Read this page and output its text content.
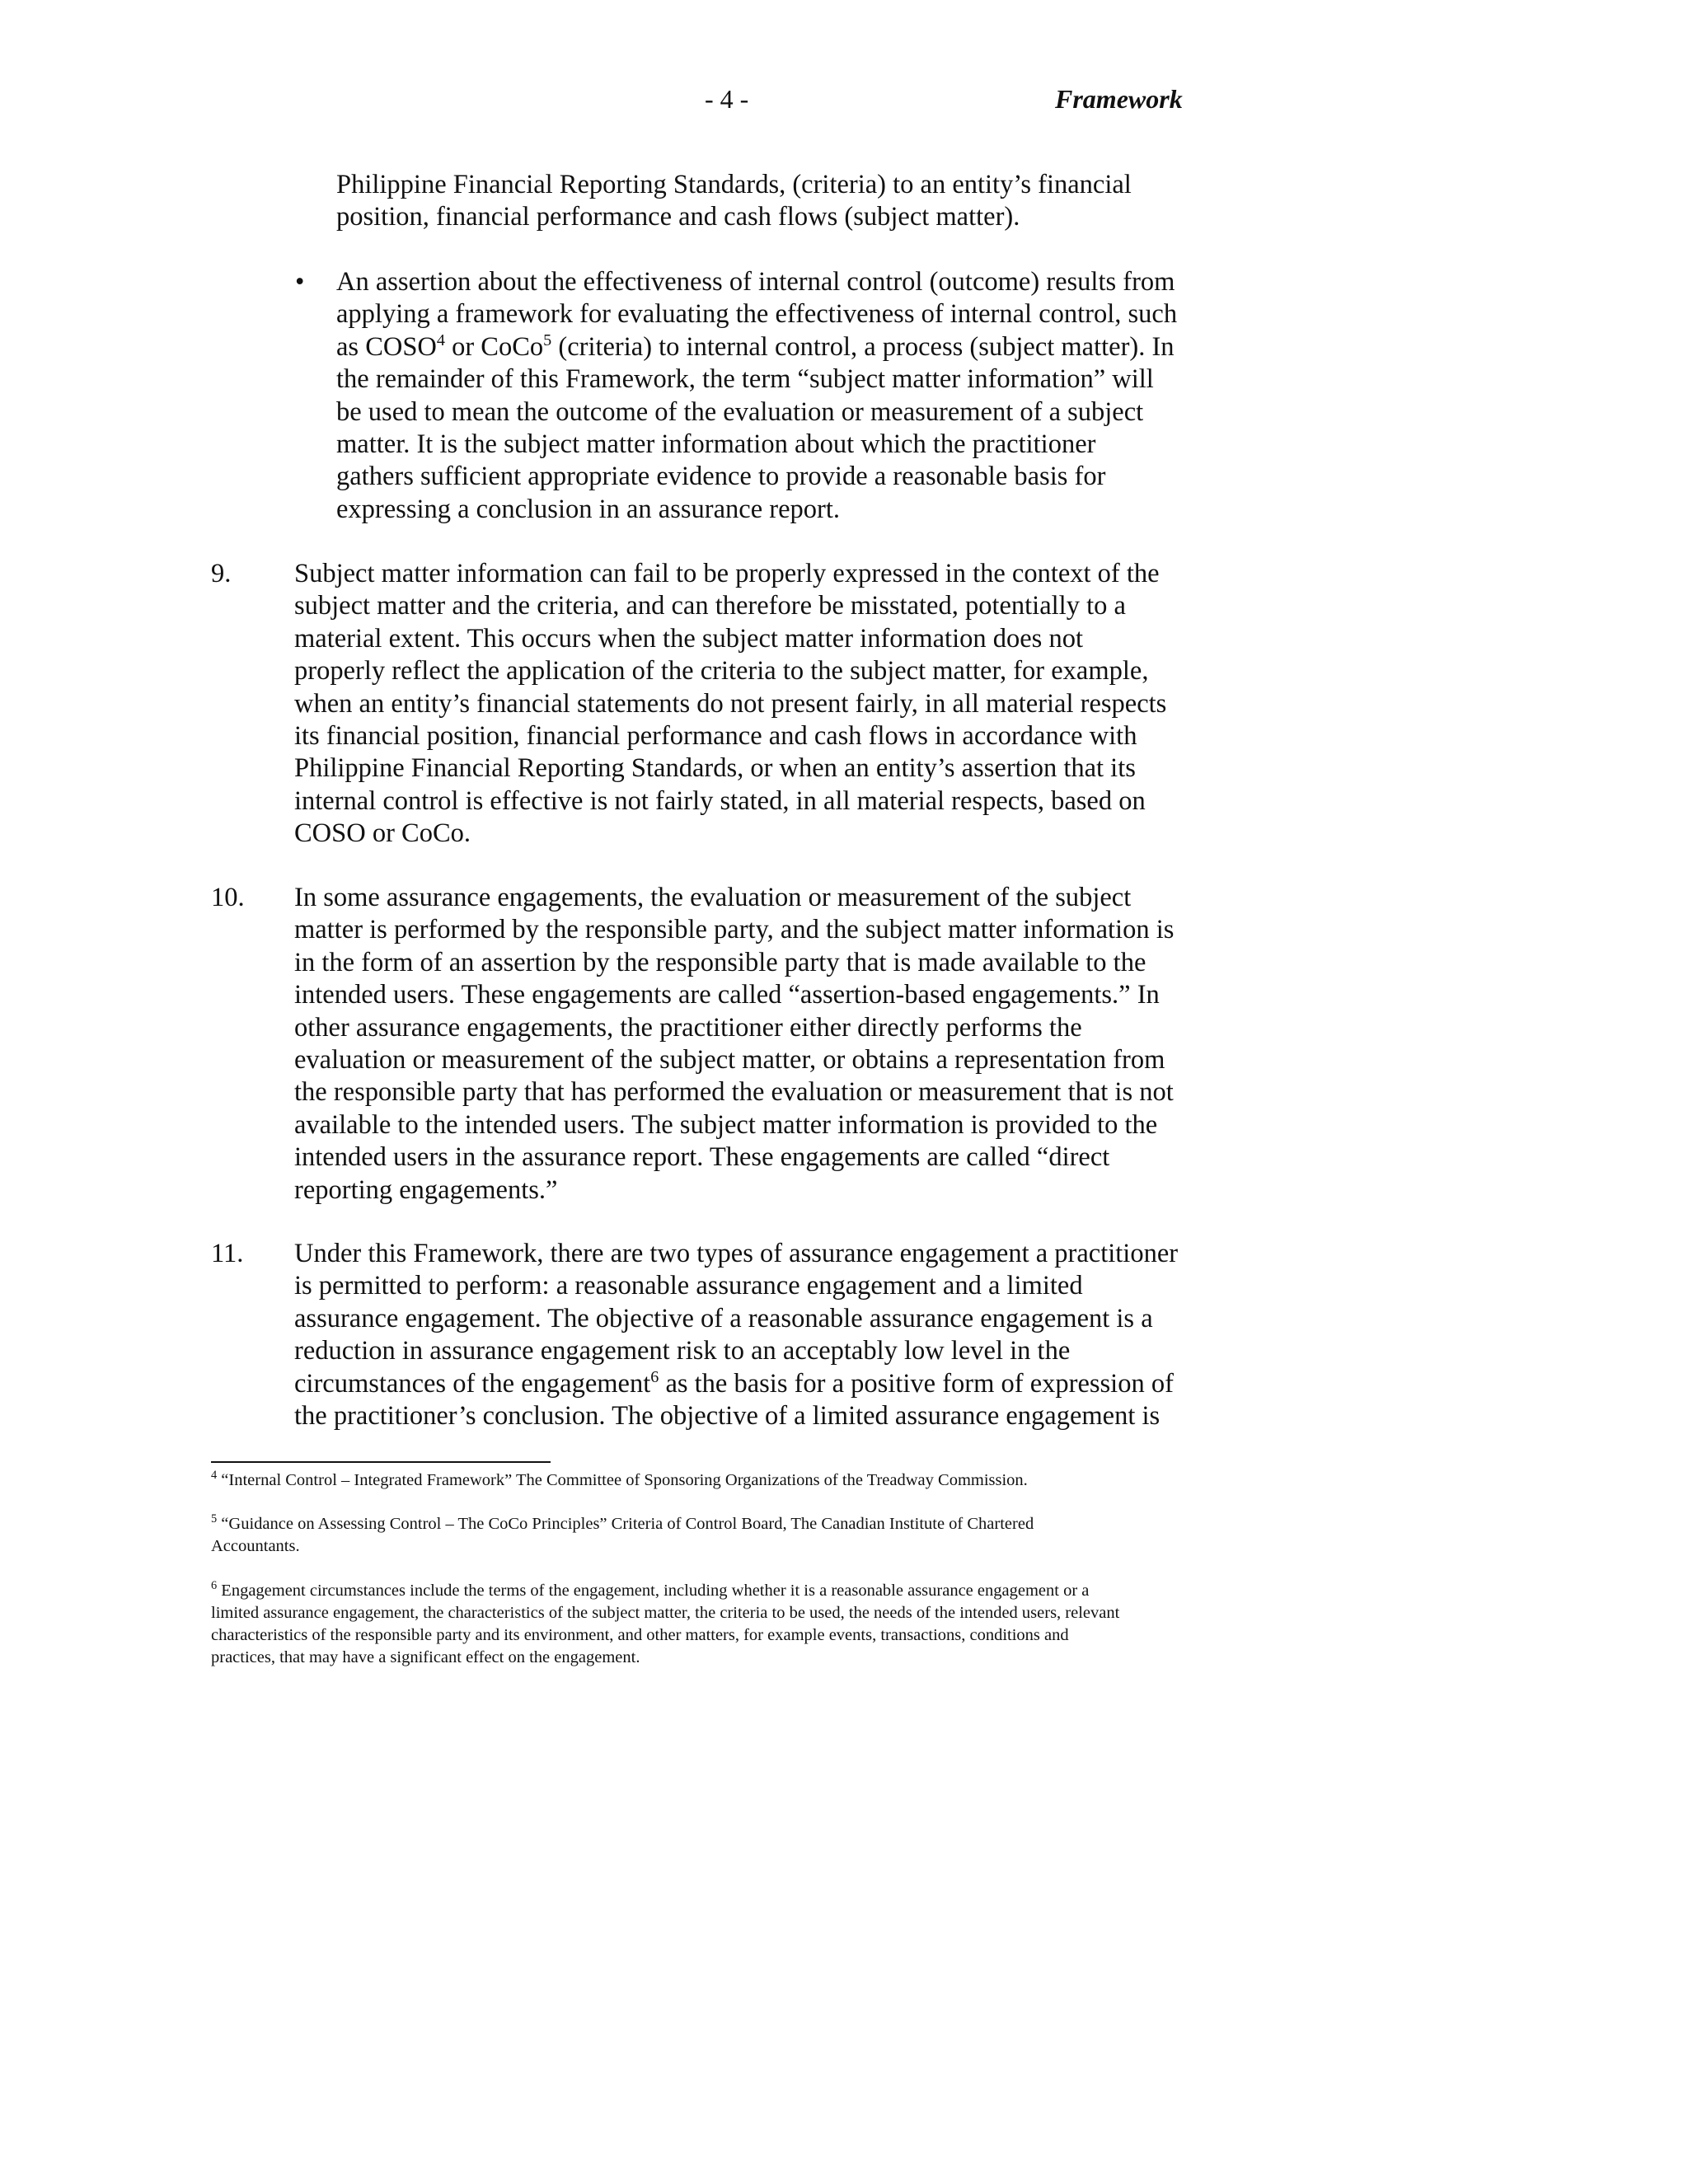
- 4 -	Framework
Philippine Financial Reporting Standards, (criteria) to an entity’s financial
position, financial performance and cash flows (subject matter).
• An assertion about the effectiveness of internal control (outcome) results from
applying a framework for evaluating the effectiveness of internal control, such
as COSO$^4$ or CoCo$^5$ (criteria) to internal control, a process (subject matter). In
the remainder of this Framework, the term “subject matter information” will
be used to mean the outcome of the evaluation or measurement of a subject
matter. It is the subject matter information about which the practitioner
gathers sufficient appropriate evidence to provide a reasonable basis for
expressing a conclusion in an assurance report.
9. Subject matter information can fail to be properly expressed in the context of the
subject matter and the criteria, and can therefore be misstated, potentially to a
material extent. This occurs when the subject matter information does not
properly reflect the application of the criteria to the subject matter, for example,
when an entity’s financial statements do not present fairly, in all material respects
its financial position, financial performance and cash flows in accordance with
Philippine Financial Reporting Standards, or when an entity’s assertion that its
internal control is effective is not fairly stated, in all material respects, based on
COSO or CoCo.
10. In some assurance engagements, the evaluation or measurement of the subject
matter is performed by the responsible party, and the subject matter information is
in the form of an assertion by the responsible party that is made available to the
intended users. These engagements are called “assertion-based engagements.” In
other assurance engagements, the practitioner either directly performs the
evaluation or measurement of the subject matter, or obtains a representation from
the responsible party that has performed the evaluation or measurement that is not
available to the intended users. The subject matter information is provided to the
intended users in the assurance report. These engagements are called “direct
reporting engagements.”
11. Under this Framework, there are two types of assurance engagement a practitioner
is permitted to perform: a reasonable assurance engagement and a limited
assurance engagement. The objective of a reasonable assurance engagement is a
reduction in assurance engagement risk to an acceptably low level in the
circumstances of the engagement$^6$ as the basis for a positive form of expression of
the practitioner’s conclusion. The objective of a limited assurance engagement is
$^4$ “Internal Control – Integrated Framework” The Committee of Sponsoring Organizations of the Treadway Commission.
$^5$ “Guidance on Assessing Control – The CoCo Principles” Criteria of Control Board, The Canadian Institute of Chartered
Accountants.
$^6$ Engagement circumstances include the terms of the engagement, including whether it is a reasonable assurance engagement or a
limited assurance engagement, the characteristics of the subject matter, the criteria to be used, the needs of the intended users, relevant
characteristics of the responsible party and its environment, and other matters, for example events, transactions, conditions and
practices, that may have a significant effect on the engagement.
